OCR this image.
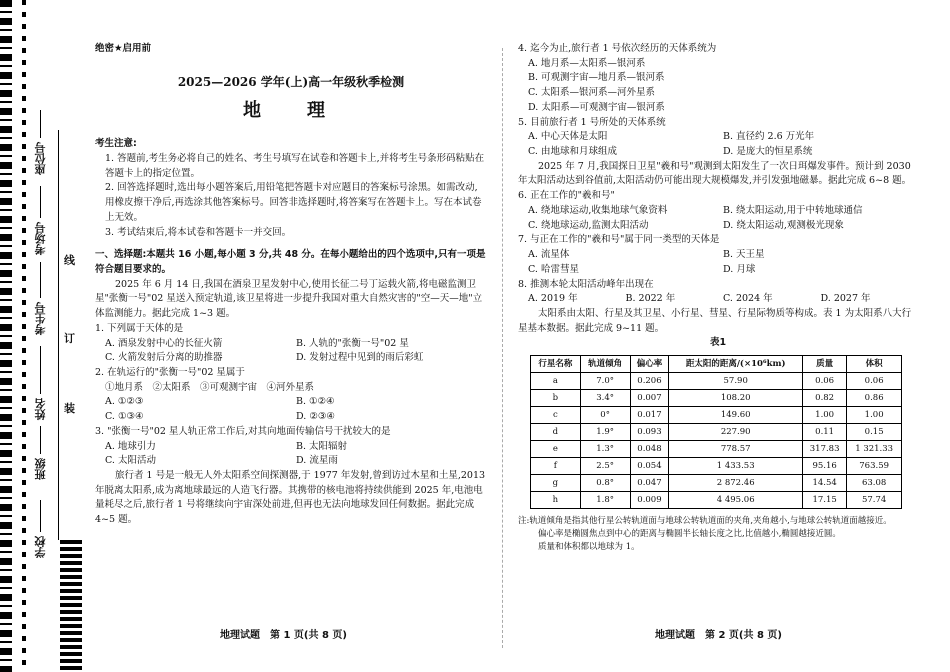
座位号
考场号
考生号
姓名
班级
学校
线
订
装

绝密★启用前

2025—2026 学年(上)高一年级秋季检测

地　理

考生注意:

1. 答题前,考生务必将自己的姓名、考生号填写在试卷和答题卡上,并将考生号条形码粘贴在答题卡上的指定位置。

2. 回答选择题时,选出每小题答案后,用铅笔把答题卡对应题目的答案标号涂黑。如需改动,用橡皮擦干净后,再选涂其他答案标号。回答非选择题时,将答案写在答题卡上。写在本试卷上无效。

3. 考试结束后,将本试卷和答题卡一并交回。

一、选择题:本题共 16 小题,每小题 3 分,共 48 分。在每小题给出的四个选项中,只有一项是符合题目要求的。

2025 年 6 月 14 日,我国在酒泉卫星发射中心,使用长征二号丁运载火箭,将电磁监测卫星"张衡一号"02 星送入预定轨道,该卫星将进一步提升我国对重大自然灾害的"空—天—地"立体监测能力。据此完成 1~3 题。

1. 下列属于天体的是

A. 酒泉发射中心的长征火箭	B. 人轨的"张衡一号"02 星
C. 火箭发射后分离的助推器	D. 发射过程中见到的雨后彩虹

2. 在轨运行的"张衡一号"02 星属于

①地月系　②太阳系　③可观测宇宙　④河外星系

A. ①②③	B. ①②④
C. ①③④	D. ②③④

3. "张衡一号"02 星人轨正常工作后,对其向地面传输信号干扰较大的是

A. 地球引力	B. 太阳辐射
C. 太阳活动	D. 流星雨

旅行者 1 号是一般无人外太阳系空间探测器,于 1977 年发射,曾到访过木星和土星,2013 年脱离太阳系,成为离地球最远的人造飞行器。其携带的核电池将持续供能到 2025 年,电池电量耗尽之后,旅行者 1 号将继续向宇宙深处前进,但再也无法向地球发回任何数据。据此完成 4~5 题。

地理试题　第 1 页(共 8 页)

4. 迄今为止,旅行者 1 号依次经历的天体系统为

A. 地月系—太阳系—银河系

B. 可观测宇宙—地月系—银河系

C. 太阳系—银河系—河外星系

D. 太阳系—可观测宇宙—银河系

5. 目前旅行者 1 号所处的天体系统

A. 中心天体是太阳	B. 直径约 2.6 万光年
C. 由地球和月球组成	D. 是庞大的恒星系统

2025 年 7 月,我国探日卫星"羲和号"观测到太阳发生了一次日珥爆发事件。预计到 2030 年太阳活动达到谷值前,太阳活动仍可能出现大规模爆发,并引发强地磁暴。据此完成 6~8 题。

6. 正在工作的"羲和号"

A. 绕地球运动,收集地球气象资料	B. 绕太阳运动,用于中转地球通信
C. 绕地球运动,监测太阳活动	D. 绕太阳运动,观测极光现象

7. 与正在工作的"羲和号"属于同一类型的天体是

A. 流星体	B. 天王星
C. 哈雷彗星	D. 月球

8. 推测本轮太阳活动峰年出现在

A. 2019 年	B. 2022 年	C. 2024 年	D. 2027 年

太阳系由太阳、行星及其卫星、小行星、彗星、行星际物质等构成。表 1 为太阳系八大行星基本数据。据此完成 9~11 题。

表1

行星名称	轨道倾角	偏心率	距太阳的距离/(×10⁶km)	质量	体积
a	7.0°	0.206	57.90	0.06	0.06
b	3.4°	0.007	108.20	0.82	0.86
c	0°	0.017	149.60	1.00	1.00
d	1.9°	0.093	227.90	0.11	0.15
e	1.3°	0.048	778.57	317.83	1 321.33
f	2.5°	0.054	1 433.53	95.16	763.59
g	0.8°	0.047	2 872.46	14.54	63.08
h	1.8°	0.009	4 495.06	17.15	57.74

注:轨道倾角是指其他行星公转轨道面与地球公转轨道面的夹角,夹角越小,与地球公转轨道面越接近。

偏心率是椭圆焦点到中心的距离与椭圆半长轴长度之比,比值越小,椭圆越接近圆。

质量和体积都以地球为 1。

地理试题　第 2 页(共 8 页)
